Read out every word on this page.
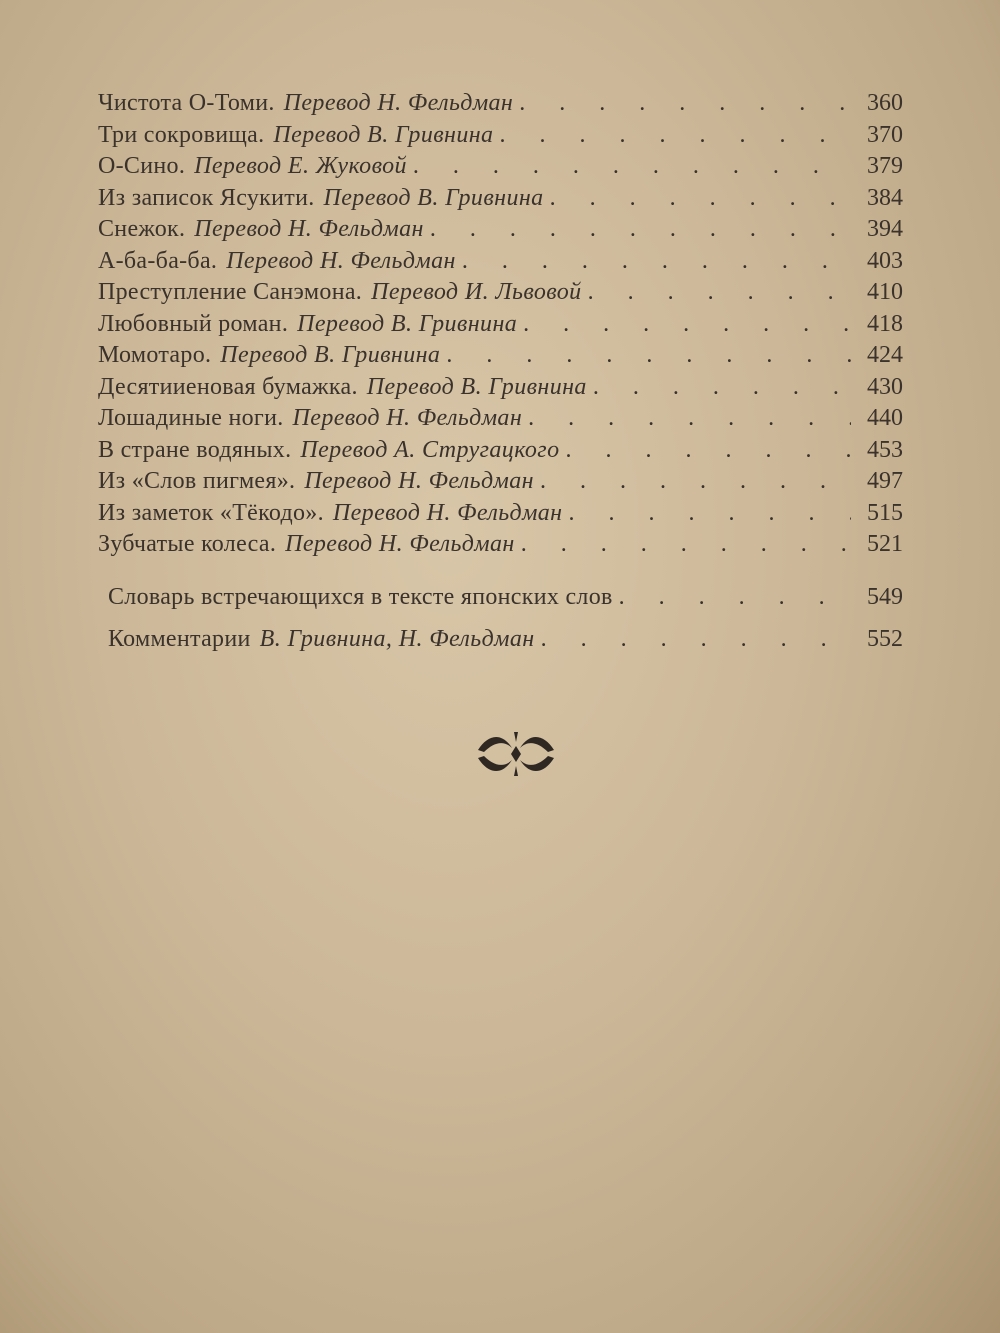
Чистота О-Томи. Перевод Н. Фельдман . . .	360
Три сокровища. Перевод В. Гривнина . . .	370
О-Сино. Перевод Е. Жуковой . . .	379
Из записок Ясукити. Перевод В. Гривнина . . .	384
Снежок. Перевод Н. Фельдман . . .	394
А-ба-ба-ба. Перевод Н. Фельдман . . .	403
Преступление Санэмона. Перевод И. Львовой . . .	410
Любовный роман. Перевод В. Гривнина . . .	418
Момотаро. Перевод В. Гривнина . . .	424
Десятииеновая бумажка. Перевод В. Гривнина . . .	430
Лошадиные ноги. Перевод Н. Фельдман . . .	440
В стране водяных. Перевод А. Стругацкого . . .	453
Из «Слов пигмея». Перевод Н. Фельдман . . .	497
Из заметок «Тёкодо». Перевод Н. Фельдман . . .	515
Зубчатые колеса. Перевод Н. Фельдман . . .	521
Словарь встречающихся в тексте японских слов . . .	549
Комментарии В. Гривнина, Н. Фельдман . . .	552
